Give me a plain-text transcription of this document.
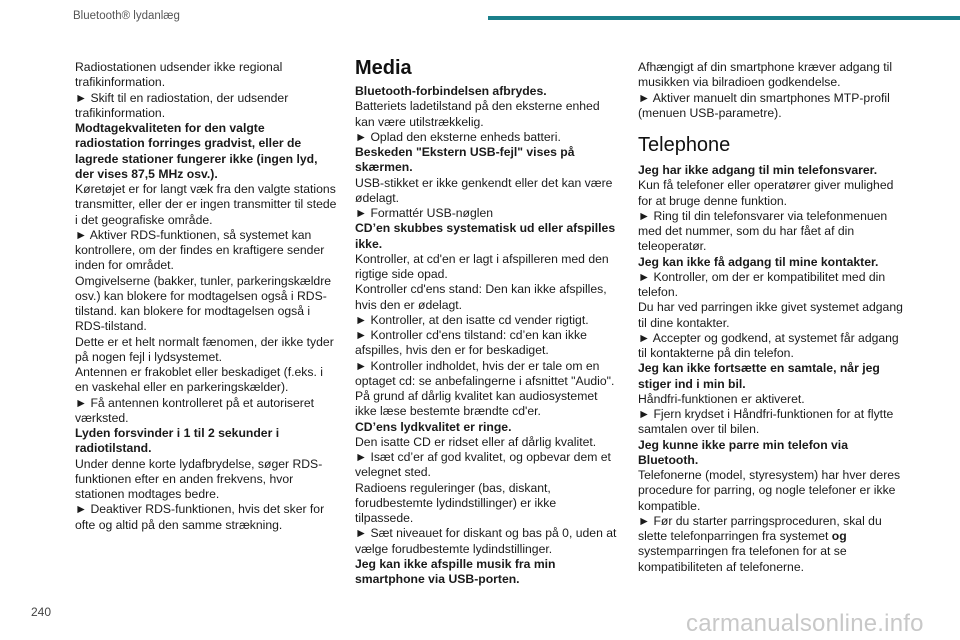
Bluetooth® lydanlæg

Radiostationen udsender ikke regional trafikinformation.

► Skift til en radiostation, der udsender trafikinformation.

Modtagekvaliteten for den valgte radiostation forringes gradvist, eller de lagrede stationer fungerer ikke (ingen lyd, der vises 87,5 MHz osv.).

Køretøjet er for langt væk fra den valgte stations transmitter, eller der er ingen transmitter til stede i det geografiske område.

► Aktiver RDS-funktionen, så systemet kan kontrollere, om der findes en kraftigere sender inden for området.

Omgivelserne (bakker, tunler, parkeringskældre osv.) kan blokere for modtagelsen også i RDS-tilstand. kan blokere for modtagelsen også i RDS-tilstand.

Dette er et helt normalt fænomen, der ikke tyder på nogen fejl i lydsystemet.

Antennen er frakoblet eller beskadiget (f.eks. i en vaskehal eller en parkeringskælder).

► Få antennen kontrolleret på et autoriseret værksted.

Lyden forsvinder i 1 til 2 sekunder i radiotilstand.

Under denne korte lydafbrydelse, søger RDS-funktionen efter en anden frekvens, hvor stationen modtages bedre.

► Deaktiver RDS-funktionen, hvis det sker for ofte og altid på den samme strækning.

Media

Bluetooth-forbindelsen afbrydes.

Batteriets ladetilstand på den eksterne enhed kan være utilstrækkelig.

► Oplad den eksterne enheds batteri.

Beskeden "Ekstern USB-fejl" vises på skærmen.

USB-stikket er ikke genkendt eller det kan være ødelagt.

► Formattér USB-nøglen

CD’en skubbes systematisk ud eller afspilles ikke.

Kontroller, at cd'en er lagt i afspilleren med den rigtige side opad.

Kontroller cd'ens stand: Den kan ikke afspilles, hvis den er ødelagt.

► Kontroller, at den isatte cd vender rigtigt.

► Kontroller cd'ens tilstand: cd’en kan ikke afspilles, hvis den er for beskadiget.

► Kontroller indholdet, hvis der er tale om en optaget cd: se anbefalingerne i afsnittet "Audio".

På grund af dårlig kvalitet kan audiosystemet ikke læse bestemte brændte cd'er.

CD’ens lydkvalitet er ringe.

Den isatte CD er ridset eller af dårlig kvalitet.

► Isæt cd’er af god kvalitet, og opbevar dem et velegnet sted.

Radioens reguleringer (bas, diskant, forudbestemte lydindstillinger) er ikke tilpassede.

► Sæt niveauet for diskant og bas på 0, uden at vælge forudbestemte lydindstillinger.

Jeg kan ikke afspille musik fra min smartphone via USB-porten.

Afhængigt af din smartphone kræver adgang til musikken via bilradioen godkendelse.

► Aktiver manuelt din smartphones MTP-profil (menuen USB-parametre).

Telephone

Jeg har ikke adgang til min telefonsvarer.

Kun få telefoner eller operatører giver mulighed for at bruge denne funktion.

► Ring til din telefonsvarer via telefonmenuen med det nummer, som du har fået af din teleoperatør.

Jeg kan ikke få adgang til mine kontakter.

► Kontroller, om der er kompatibilitet med din telefon.

Du har ved parringen ikke givet systemet adgang til dine kontakter.

► Accepter og godkend, at systemet får adgang til kontakterne på din telefon.

Jeg kan ikke fortsætte en samtale, når jeg stiger ind i min bil.

Håndfri-funktionen er aktiveret.

► Fjern krydset i Håndfri-funktionen for at flytte samtalen over til bilen.

Jeg kunne ikke parre min telefon via Bluetooth.

Telefonerne (model, styresystem) har hver deres procedure for parring, og nogle telefoner er ikke kompatible.

► Før du starter parringsproceduren, skal du slette telefonparringen fra systemet og systemparringen fra telefonen for at se kompatibiliteten af telefonerne.

240	carmanualsonline.info
